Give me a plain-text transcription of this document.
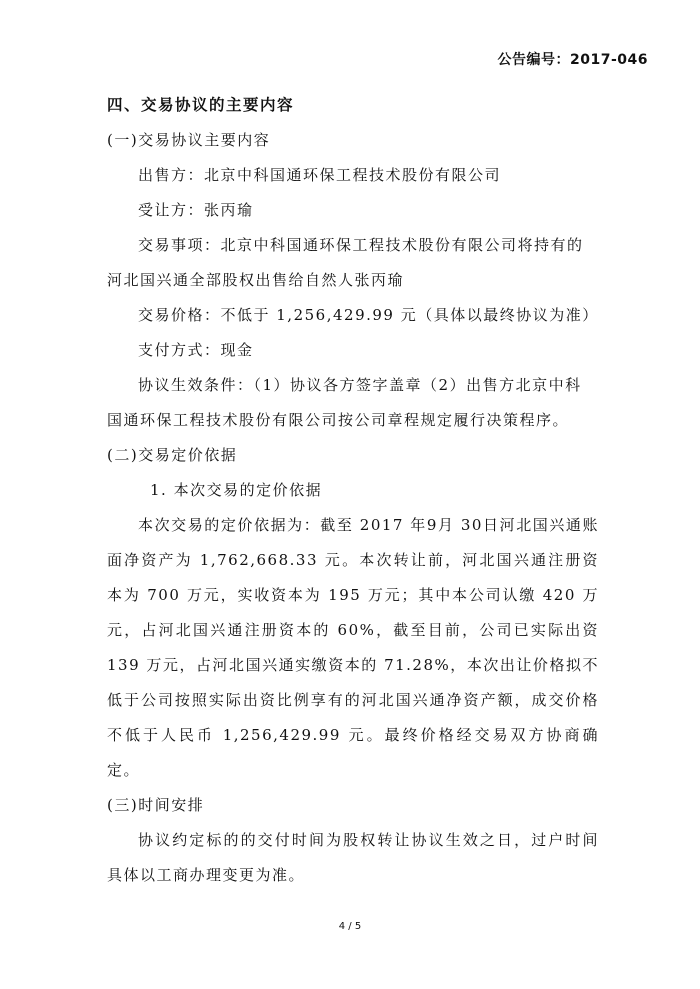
公告编号：2017-046

四、交易协议的主要内容

(一)交易协议主要内容

出售方：北京中科国通环保工程技术股份有限公司

受让方：张丙瑜

交易事项：北京中科国通环保工程技术股份有限公司将持有的

河北国兴通全部股权出售给自然人张丙瑜

交易价格：不低于 1,256,429.99 元（具体以最终协议为准）

支付方式：现金

协议生效条件：（1）协议各方签字盖章（2）出售方北京中科

国通环保工程技术股份有限公司按公司章程规定履行决策程序。

(二)交易定价依据

1. 本次交易的定价依据

本次交易的定价依据为：截至 2017 年9月 30日河北国兴通账面净资产为 1,762,668.33 元。本次转让前，河北国兴通注册资本为 700 万元，实收资本为 195 万元；其中本公司认缴 420 万元，占河北国兴通注册资本的 60%，截至目前，公司已实际出资 139 万元，占河北国兴通实缴资本的 71.28%，本次出让价格拟不低于公司按照实际出资比例享有的河北国兴通净资产额，成交价格不低于人民币 1,256,429.99 元。最终价格经交易双方协商确定。

(三)时间安排

协议约定标的的交付时间为股权转让协议生效之日，过户时间具体以工商办理变更为准。

4 / 5
